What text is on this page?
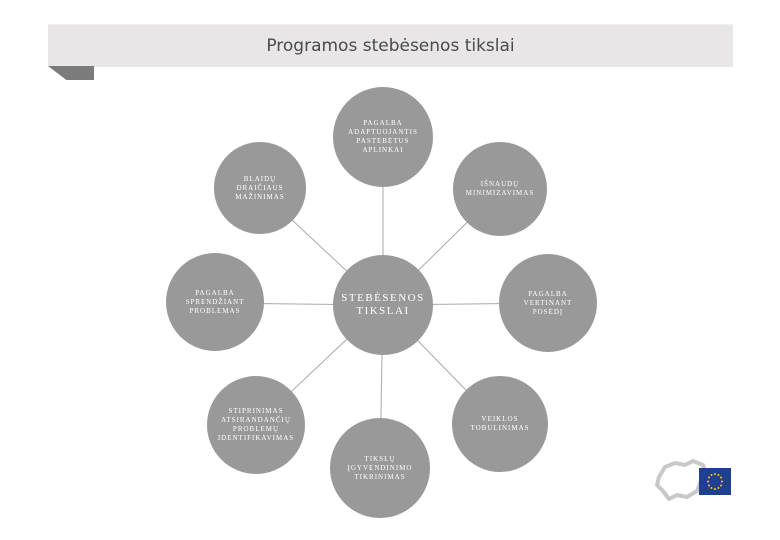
Programos stebėsenos tikslai
PAGALBA
ADAPTUOJANTIS
PASTEBĖTUS
APLINKAI
BLAIDŲ DRAIČIAUS
MAŽINIMAS
IŠNAUDŲ
MINIMIZAVIMAS
PAGALBA
SPRENDŽIANT
PROBLEMAS
STEBĖSENOS
TIKSLAI
PAGALBA
VERTINANT
POSĖDĮ
STIPRINIMAS
ATSIRANDANČIŲ
PROBLEMŲ
IDENTIFIKAVIMAS
VEIKLOS
TOBULINIMAS
TIKSLŲ
ĮGYVENDINIMO
TIKRINIMAS
